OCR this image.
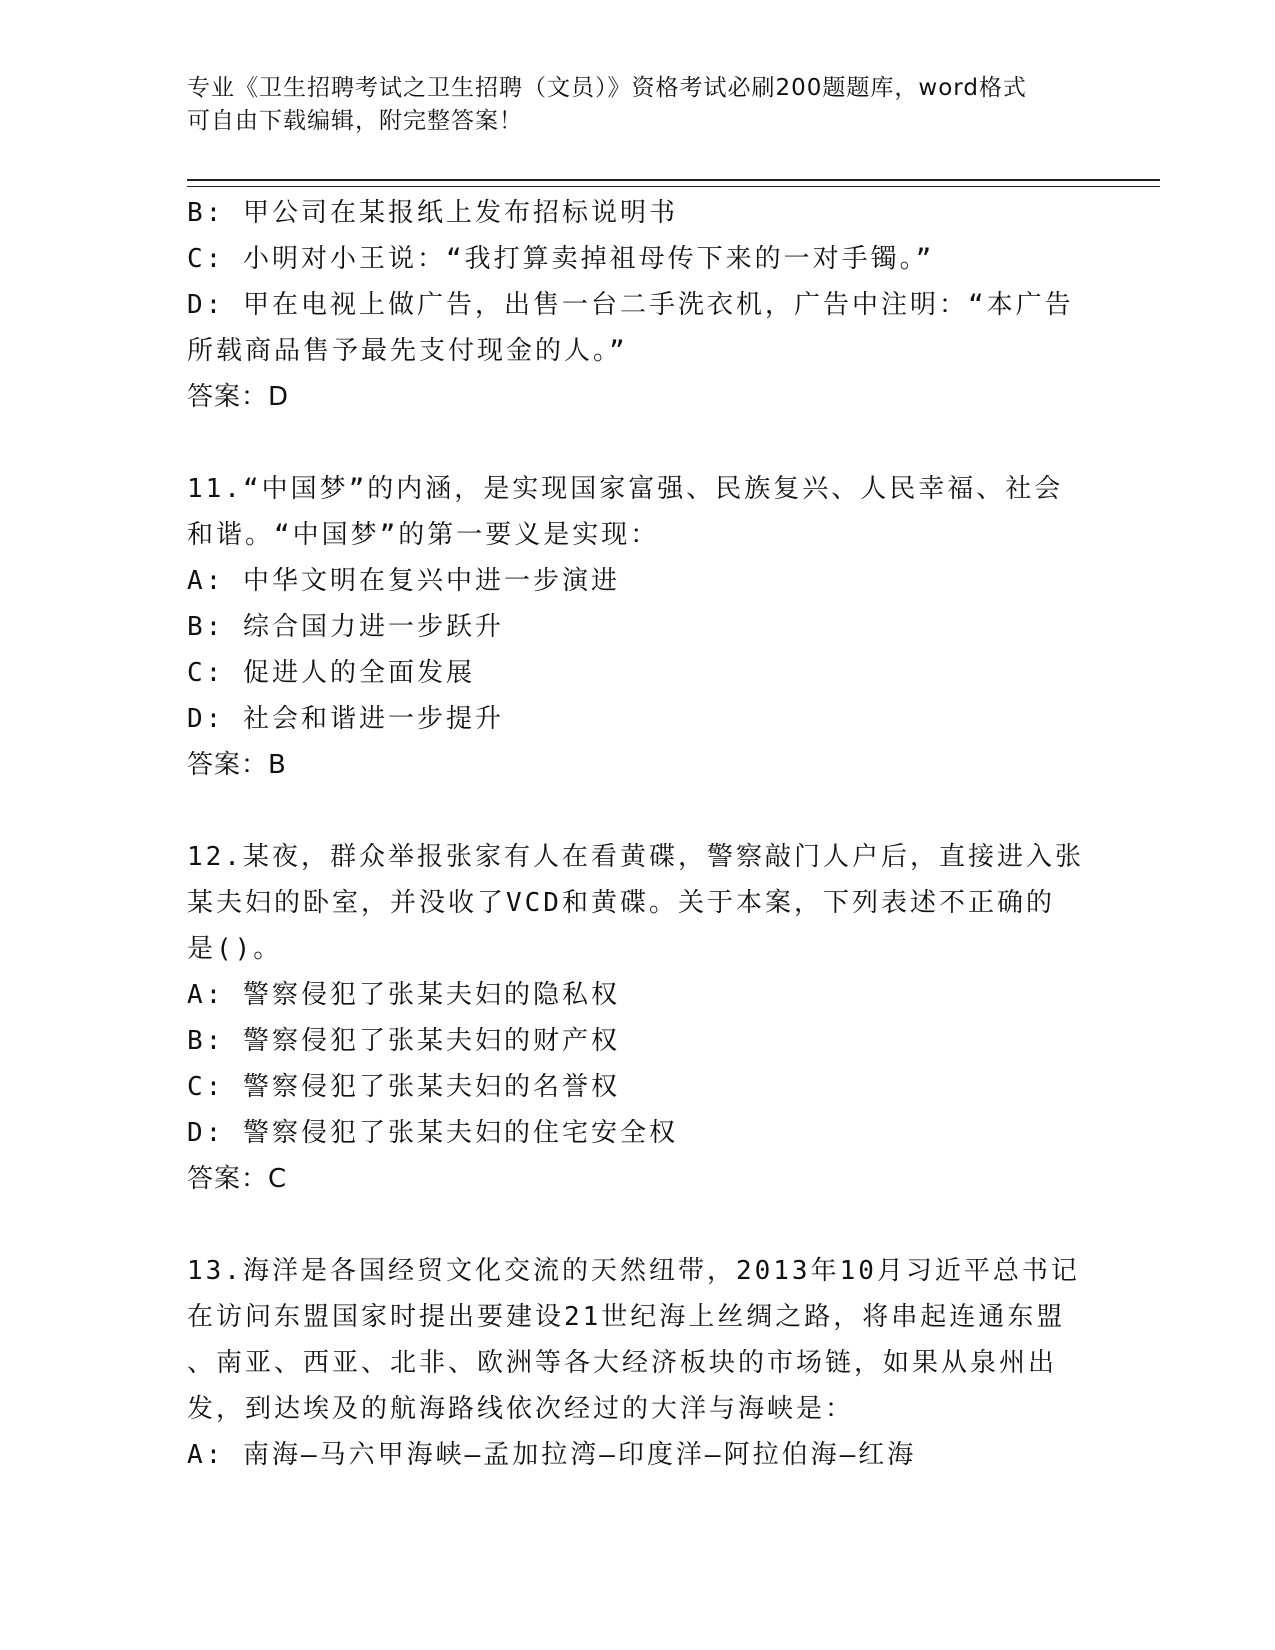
专业《卫生招聘考试之卫生招聘（文员）》资格考试必刷200题题库，word格式
可自由下载编辑，附完整答案！
B: 甲公司在某报纸上发布招标说明书
C: 小明对小王说：“我打算卖掉祖母传下来的一对手镯。”
D: 甲在电视上做广告，出售一台二手洗衣机，广告中注明：“本广告
所载商品售予最先支付现金的人。”
答案：D
11.“中国梦”的内涵，是实现国家富强、民族复兴、人民幸福、社会
和谐。“中国梦”的第一要义是实现：
A: 中华文明在复兴中进一步演进
B: 综合国力进一步跃升
C: 促进人的全面发展
D: 社会和谐进一步提升
答案：B
12.某夜，群众举报张家有人在看黄碟，警察敲门人户后，直接进入张
某夫妇的卧室，并没收了VCD和黄碟。关于本案，下列表述不正确的
是()。
A: 警察侵犯了张某夫妇的隐私权
B: 警察侵犯了张某夫妇的财产权
C: 警察侵犯了张某夫妇的名誉权
D: 警察侵犯了张某夫妇的住宅安全权
答案：C
13.海洋是各国经贸文化交流的天然纽带，2013年10月习近平总书记
在访问东盟国家时提出要建设21世纪海上丝绸之路，将串起连通东盟
、南亚、西亚、北非、欧洲等各大经济板块的市场链，如果从泉州出
发，到达埃及的航海路线依次经过的大洋与海峡是：
A: 南海—马六甲海峡—孟加拉湾—印度洋—阿拉伯海—红海
